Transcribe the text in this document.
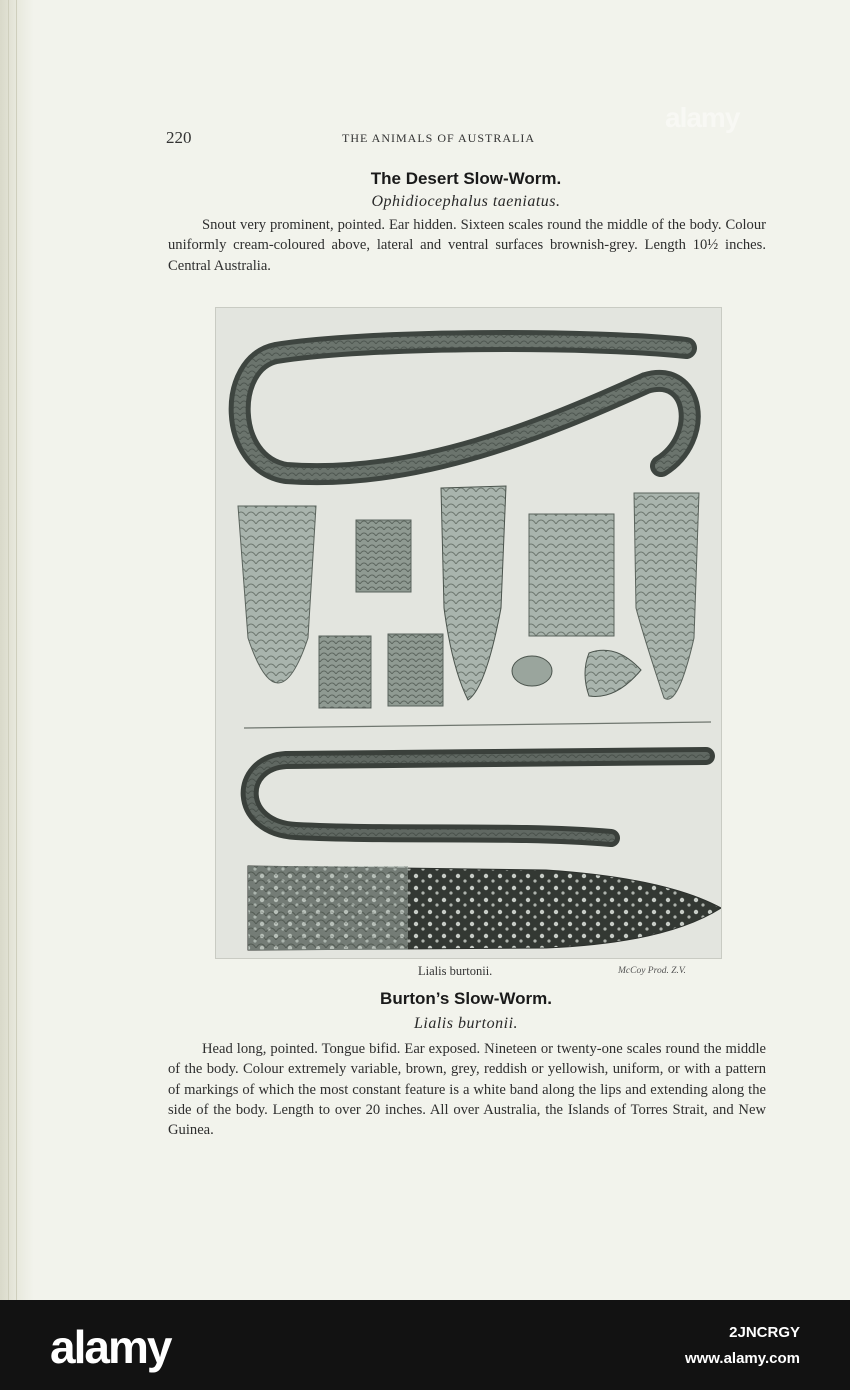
220	THE ANIMALS OF AUSTRALIA
The Desert Slow-Worm.
Ophidiocephalus taeniatus.
Snout very prominent, pointed. Ear hidden. Sixteen scales round the middle of the body. Colour uniformly cream-coloured above, lateral and ventral surfaces brownish-grey. Length 10½ inches. Central Australia.
Lialis burtonii.	McCoy Prod. Z.V.
Burton’s Slow-Worm.
Lialis burtonii.
Head long, pointed. Tongue bifid. Ear exposed. Nineteen or twenty-one scales round the middle of the body. Colour extremely variable, brown, grey, reddish or yellowish, uniform, or with a pattern of markings of which the most constant feature is a white band along the lips and extending along the side of the body. Length to over 20 inches. All over Australia, the Islands of Torres Strait, and New Guinea.
alamy
alamy	2JNCRGY
www.alamy.com
